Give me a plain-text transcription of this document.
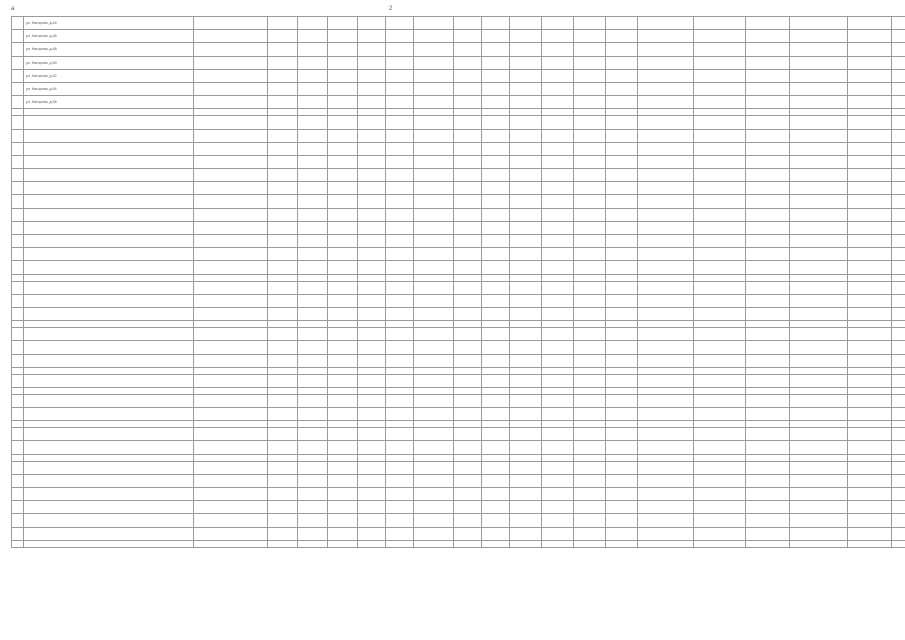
а	2
	ул. Нагорная, д.44																				
	ул. Нагорная, д.46																				
	ул. Нагорная, д.48																				
	ул. Нагорная, д.50																				
	ул. Нагорная, д.52																				
	ул. Нагорная, д.54																				
	ул. Нагорная, д.56																				
